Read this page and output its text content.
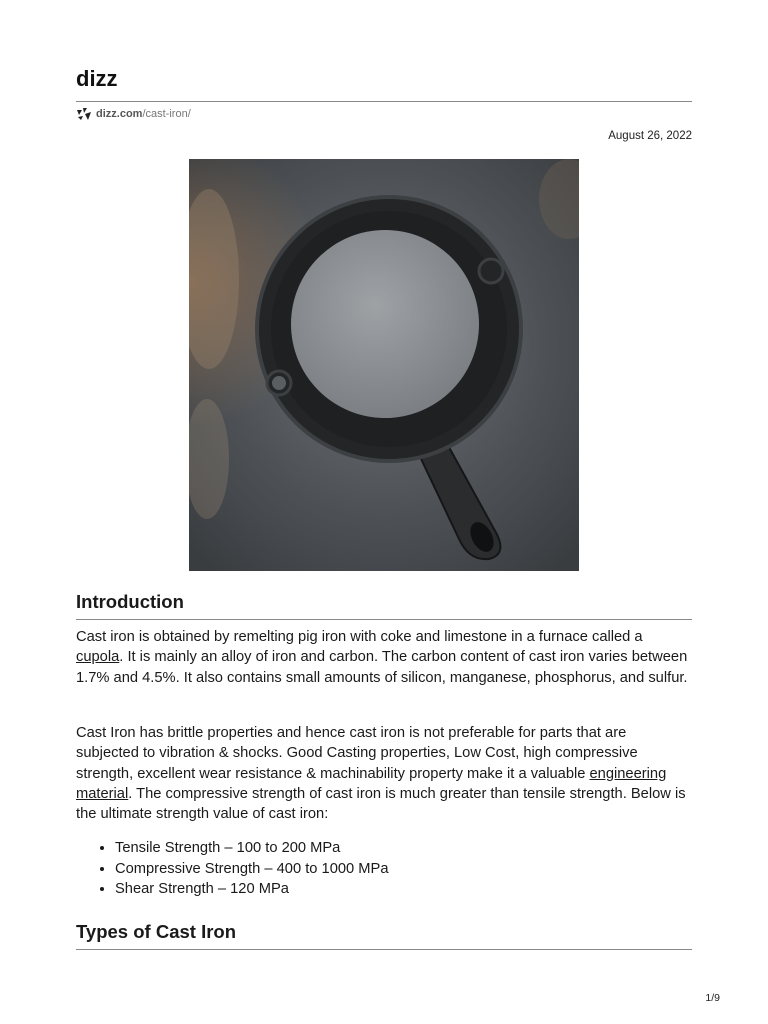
dizz
dizz.com /cast-iron/
August 26, 2022
Introduction

Cast iron is obtained by remelting pig iron with coke and limestone in a furnace called a cupola. It is mainly an alloy of iron and carbon. The carbon content of cast iron varies between 1.7% and 4.5%. It also contains small amounts of silicon, manganese, phosphorus, and sulfur.

Cast Iron has brittle properties and hence cast iron is not preferable for parts that are subjected to vibration & shocks. Good Casting properties, Low Cost, high compressive strength, excellent wear resistance & machinability property make it a valuable engineering material. The compressive strength of cast iron is much greater than tensile strength. Below is the ultimate strength value of cast iron:

• Tensile Strength – 100 to 200 MPa
• Compressive Strength – 400 to 1000 MPa
• Shear Strength – 120 MPa
Types of Cast Iron
1/9
